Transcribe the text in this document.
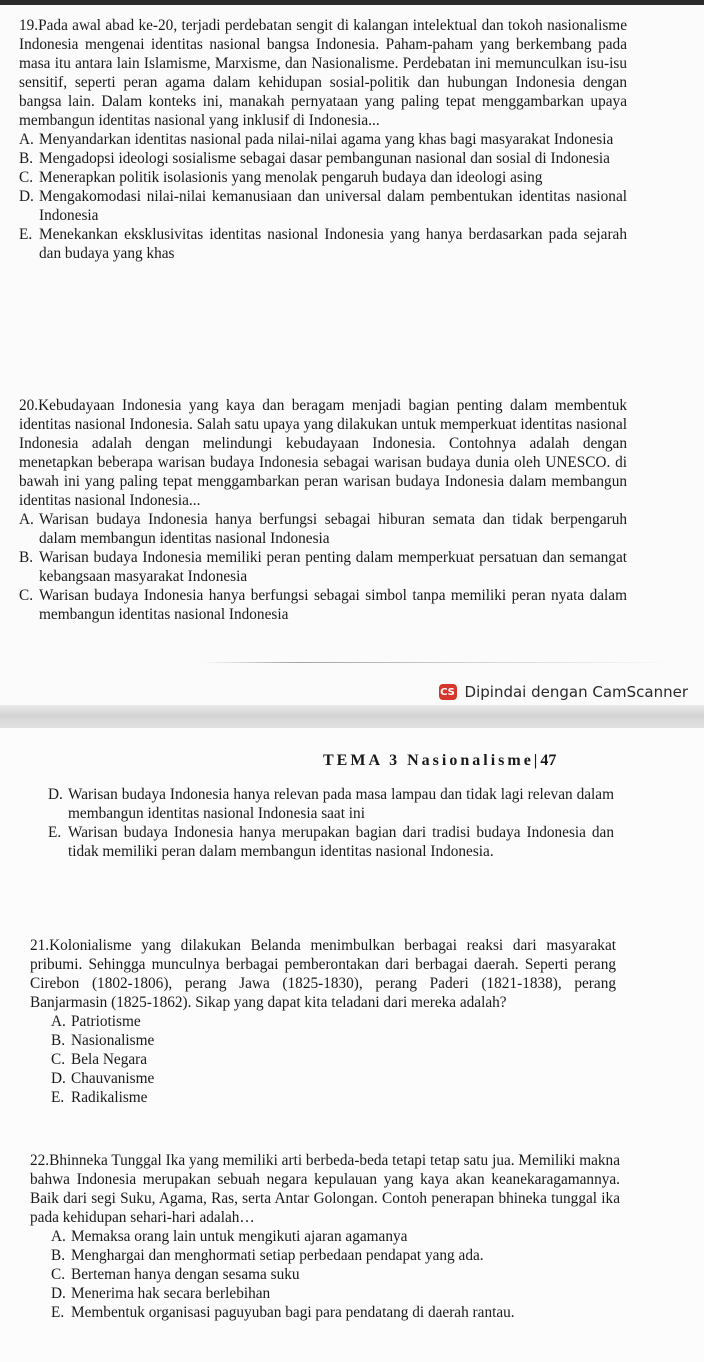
19.Pada awal abad ke-20, terjadi perdebatan sengit di kalangan intelektual dan tokoh nasionalisme Indonesia mengenai identitas nasional bangsa Indonesia. Paham-paham yang berkembang pada masa itu antara lain Islamisme, Marxisme, dan Nasionalisme. Perdebatan ini memunculkan isu-isu sensitif, seperti peran agama dalam kehidupan sosial-politik dan hubungan Indonesia dengan bangsa lain. Dalam konteks ini, manakah pernyataan yang paling tepat menggambarkan upaya membangun identitas nasional yang inklusif di Indonesia...
A. Menyandarkan identitas nasional pada nilai-nilai agama yang khas bagi masyarakat Indonesia
B. Mengadopsi ideologi sosialisme sebagai dasar pembangunan nasional dan sosial di Indonesia
C. Menerapkan politik isolasionis yang menolak pengaruh budaya dan ideologi asing
D. Mengakomodasi nilai-nilai kemanusiaan dan universal dalam pembentukan identitas nasional Indonesia
E. Menekankan eksklusivitas identitas nasional Indonesia yang hanya berdasarkan pada sejarah dan budaya yang khas
20.Kebudayaan Indonesia yang kaya dan beragam menjadi bagian penting dalam membentuk identitas nasional Indonesia. Salah satu upaya yang dilakukan untuk memperkuat identitas nasional Indonesia adalah dengan melindungi kebudayaan Indonesia. Contohnya adalah dengan menetapkan beberapa warisan budaya Indonesia sebagai warisan budaya dunia oleh UNESCO. di bawah ini yang paling tepat menggambarkan peran warisan budaya Indonesia dalam membangun identitas nasional Indonesia...
A. Warisan budaya Indonesia hanya berfungsi sebagai hiburan semata dan tidak berpengaruh dalam membangun identitas nasional Indonesia
B. Warisan budaya Indonesia memiliki peran penting dalam memperkuat persatuan dan semangat kebangsaan masyarakat Indonesia
C. Warisan budaya Indonesia hanya berfungsi sebagai simbol tanpa memiliki peran nyata dalam membangun identitas nasional Indonesia
CS Dipindai dengan CamScanner
TEMA 3 Nasionalisme|47
D. Warisan budaya Indonesia hanya relevan pada masa lampau dan tidak lagi relevan dalam membangun identitas nasional Indonesia saat ini
E. Warisan budaya Indonesia hanya merupakan bagian dari tradisi budaya Indonesia dan tidak memiliki peran dalam membangun identitas nasional Indonesia.
21.Kolonialisme yang dilakukan Belanda menimbulkan berbagai reaksi dari masyarakat pribumi. Sehingga munculnya berbagai pemberontakan dari berbagai daerah. Seperti perang Cirebon (1802-1806), perang Jawa (1825-1830), perang Paderi (1821-1838), perang Banjarmasin (1825-1862). Sikap yang dapat kita teladani dari mereka adalah?
A. Patriotisme
B. Nasionalisme
C. Bela Negara
D. Chauvanisme
E. Radikalisme
22.Bhinneka Tunggal Ika yang memiliki arti berbeda-beda tetapi tetap satu jua. Memiliki makna bahwa Indonesia merupakan sebuah negara kepulauan yang kaya akan keanekaragamannya. Baik dari segi Suku, Agama, Ras, serta Antar Golongan. Contoh penerapan bhineka tunggal ika pada kehidupan sehari-hari adalah…
A. Memaksa orang lain untuk mengikuti ajaran agamanya
B. Menghargai dan menghormati setiap perbedaan pendapat yang ada.
C. Berteman hanya dengan sesama suku
D. Menerima hak secara berlebihan
E. Membentuk organisasi paguyuban bagi para pendatang di daerah rantau.
